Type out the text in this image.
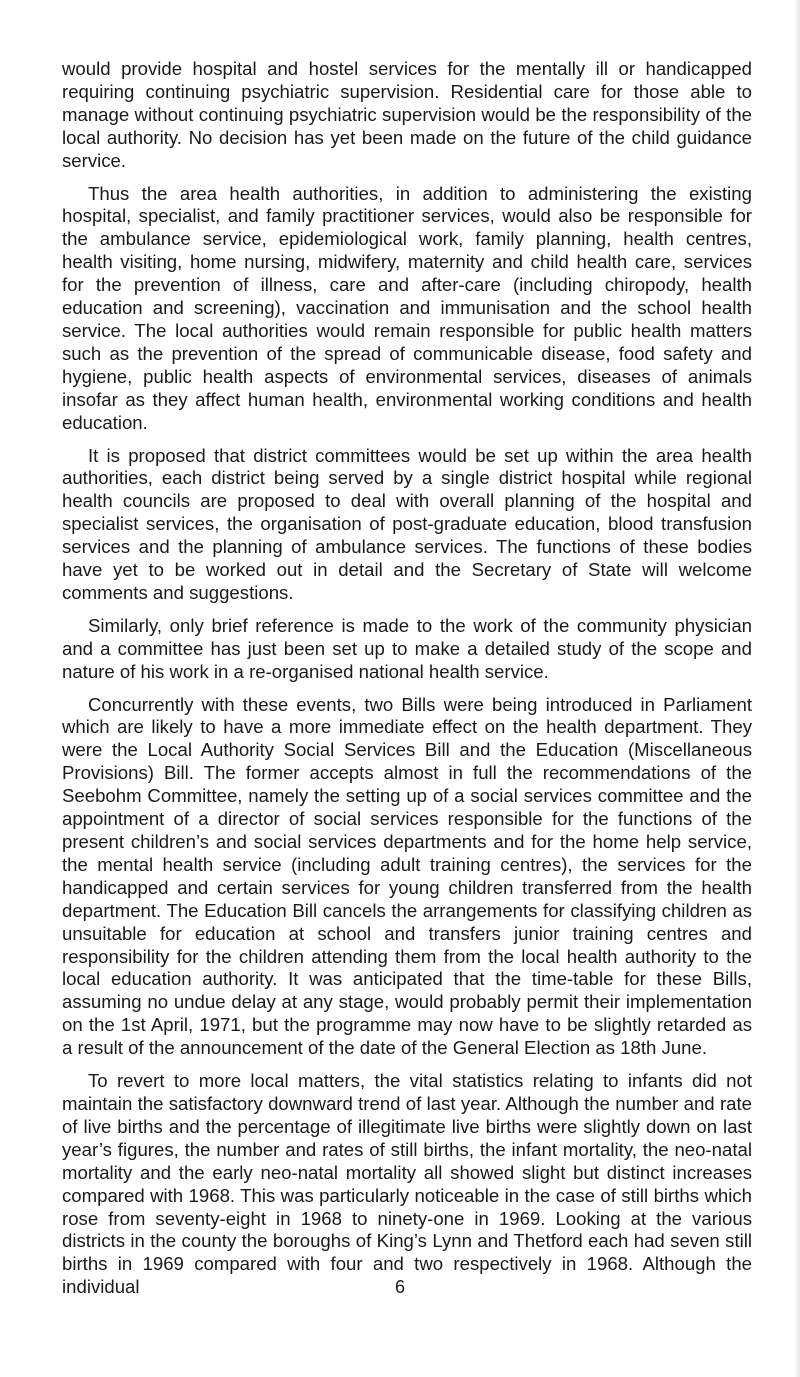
would provide hospital and hostel services for the mentally ill or handicapped requiring continuing psychiatric supervision. Residential care for those able to manage without continuing psychiatric supervision would be the responsibility of the local authority. No decision has yet been made on the future of the child guidance service.

Thus the area health authorities, in addition to administering the existing hospital, specialist, and family practitioner services, would also be responsible for the ambulance service, epidemiological work, family planning, health centres, health visiting, home nursing, midwifery, maternity and child health care, services for the prevention of illness, care and after-care (including chiropody, health education and screening), vaccination and immunisation and the school health service. The local authorities would remain responsible for public health matters such as the prevention of the spread of communicable disease, food safety and hygiene, public health aspects of environmental services, diseases of animals insofar as they affect human health, environmental working conditions and health education.

It is proposed that district committees would be set up within the area health authorities, each district being served by a single district hospital while regional health councils are proposed to deal with overall planning of the hospital and specialist services, the organisation of post-graduate education, blood transfusion services and the planning of ambulance services. The functions of these bodies have yet to be worked out in detail and the Secretary of State will welcome comments and suggestions.

Similarly, only brief reference is made to the work of the community physician and a committee has just been set up to make a detailed study of the scope and nature of his work in a re-organised national health service.

Concurrently with these events, two Bills were being introduced in Parliament which are likely to have a more immediate effect on the health department. They were the Local Authority Social Services Bill and the Education (Miscellaneous Provisions) Bill. The former accepts almost in full the recommendations of the Seebohm Committee, namely the setting up of a social services committee and the appointment of a director of social services responsible for the functions of the present children’s and social services departments and for the home help service, the mental health service (including adult training centres), the services for the handicapped and certain services for young children transferred from the health department. The Education Bill cancels the arrangements for classifying children as unsuitable for education at school and transfers junior training centres and responsibility for the children attending them from the local health authority to the local education authority. It was anticipated that the time-table for these Bills, assuming no undue delay at any stage, would probably permit their implementation on the 1st April, 1971, but the programme may now have to be slightly retarded as a result of the announcement of the date of the General Election as 18th June.

To revert to more local matters, the vital statistics relating to infants did not maintain the satisfactory downward trend of last year. Although the number and rate of live births and the percentage of illegitimate live births were slightly down on last year’s figures, the number and rates of still births, the infant mortality, the neo-natal mortality and the early neo-natal mortality all showed slight but distinct increases compared with 1968. This was particularly noticeable in the case of still births which rose from seventy-eight in 1968 to ninety-one in 1969. Looking at the various districts in the county the boroughs of King’s Lynn and Thetford each had seven still births in 1969 compared with four and two respectively in 1968. Although the individual	6
